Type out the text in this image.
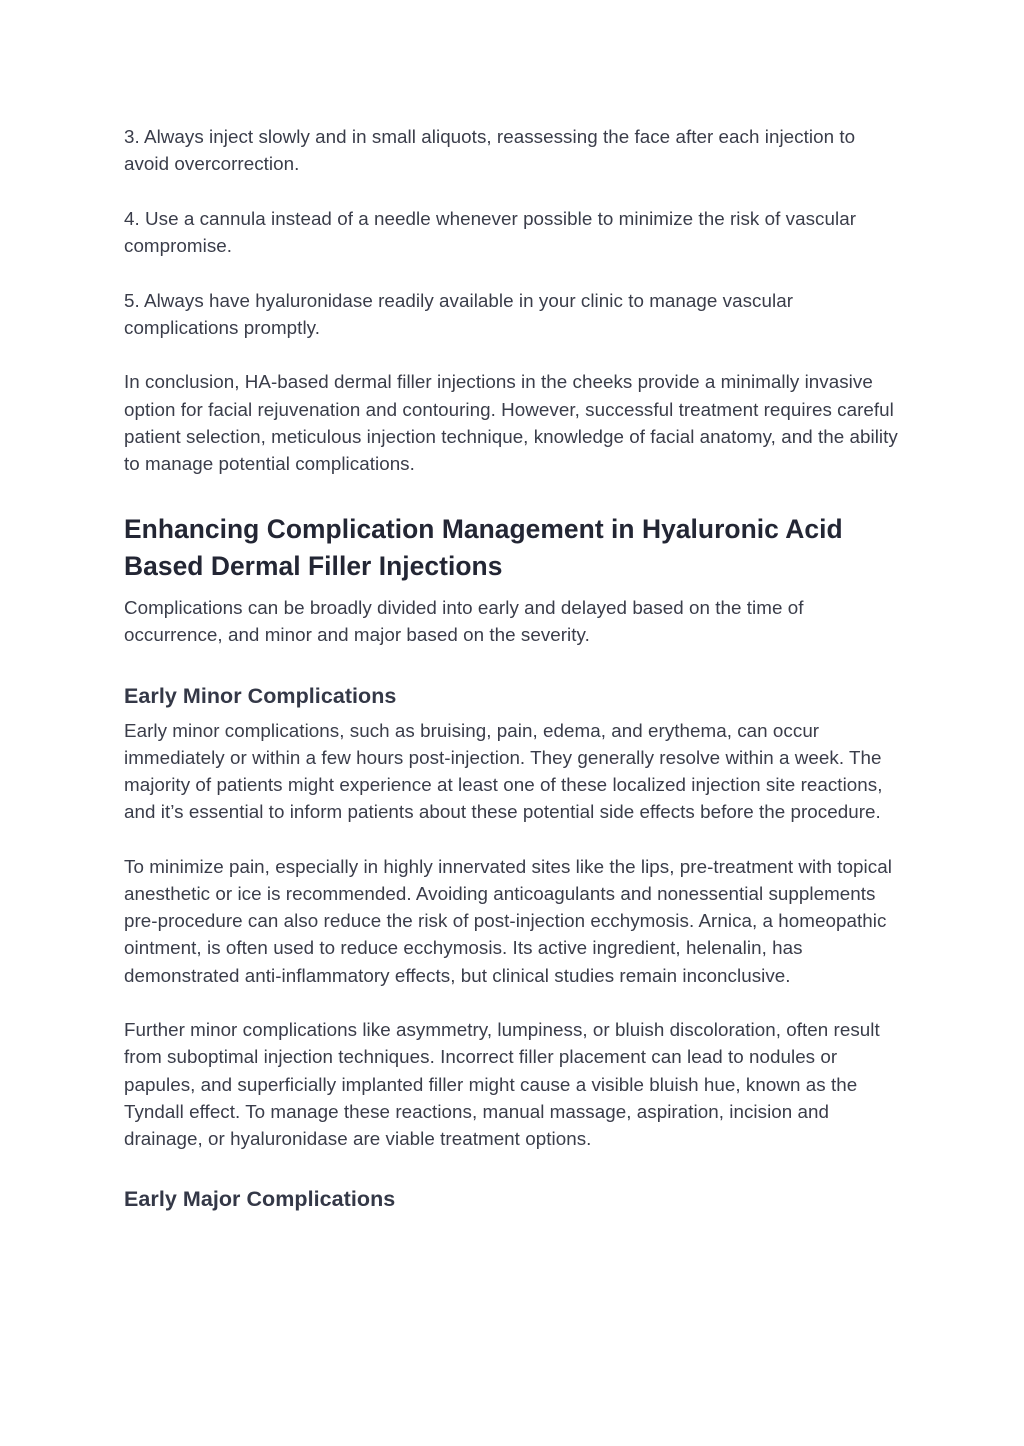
3. Always inject slowly and in small aliquots, reassessing the face after each injection to avoid overcorrection.

4. Use a cannula instead of a needle whenever possible to minimize the risk of vascular compromise.

5. Always have hyaluronidase readily available in your clinic to manage vascular complications promptly.

In conclusion, HA-based dermal filler injections in the cheeks provide a minimally invasive option for facial rejuvenation and contouring. However, successful treatment requires careful patient selection, meticulous injection technique, knowledge of facial anatomy, and the ability to manage potential complications.

Enhancing Complication Management in Hyaluronic Acid Based Dermal Filler Injections

Complications can be broadly divided into early and delayed based on the time of occurrence, and minor and major based on the severity.

Early Minor Complications

Early minor complications, such as bruising, pain, edema, and erythema, can occur immediately or within a few hours post-injection. They generally resolve within a week. The majority of patients might experience at least one of these localized injection site reactions, and it’s essential to inform patients about these potential side effects before the procedure.

To minimize pain, especially in highly innervated sites like the lips, pre-treatment with topical anesthetic or ice is recommended. Avoiding anticoagulants and nonessential supplements pre-procedure can also reduce the risk of post-injection ecchymosis. Arnica, a homeopathic ointment, is often used to reduce ecchymosis. Its active ingredient, helenalin, has demonstrated anti-inflammatory effects, but clinical studies remain inconclusive.

Further minor complications like asymmetry, lumpiness, or bluish discoloration, often result from suboptimal injection techniques. Incorrect filler placement can lead to nodules or papules, and superficially implanted filler might cause a visible bluish hue, known as the Tyndall effect. To manage these reactions, manual massage, aspiration, incision and drainage, or hyaluronidase are viable treatment options.

Early Major Complications
